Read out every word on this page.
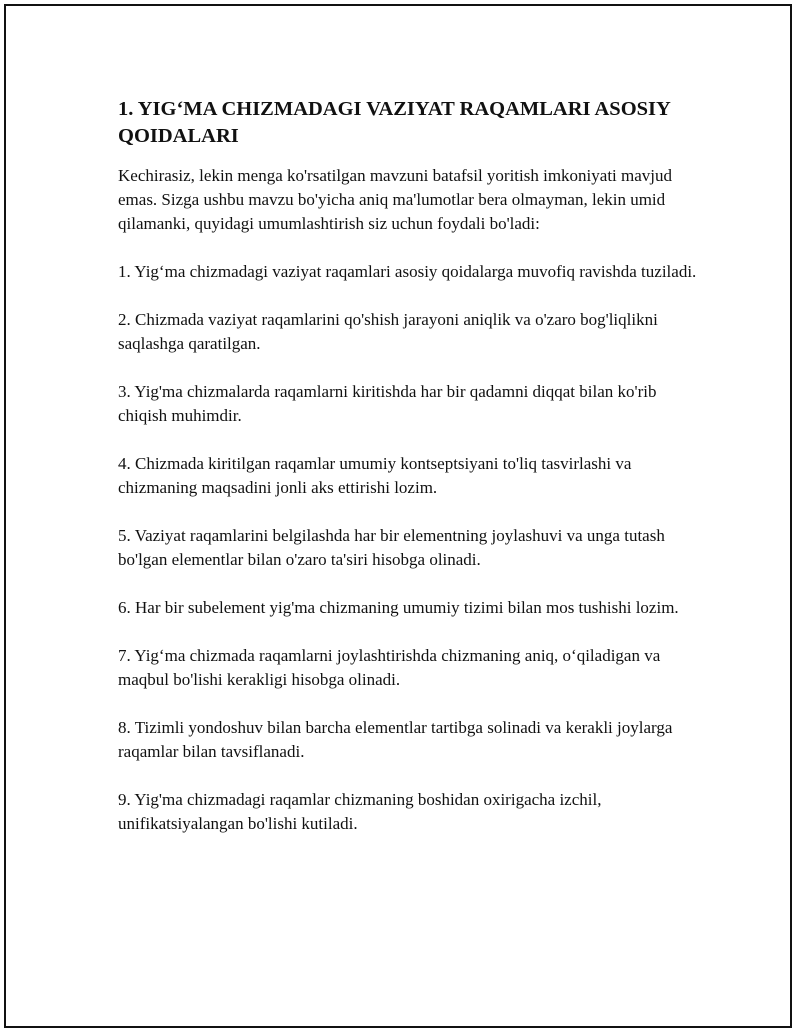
1. YIG‘MA CHIZMADAGI VAZIYAT RAQAMLARI ASOSIY QOIDALARI

Kechirasiz, lekin menga ko'rsatilgan mavzuni batafsil yoritish imkoniyati mavjud emas. Sizga ushbu mavzu bo'yicha aniq ma'lumotlar bera olmayman, lekin umid qilamanki, quyidagi umumlashtirish siz uchun foydali bo'ladi:

1. Yig‘ma chizmadagi vaziyat raqamlari asosiy qoidalarga muvofiq ravishda tuziladi.

2. Chizmada vaziyat raqamlarini qo'shish jarayoni aniqlik va o'zaro bog'liqlikni saqlashga qaratilgan.

3. Yig'ma chizmalarda raqamlarni kiritishda har bir qadamni diqqat bilan ko'rib chiqish muhimdir.

4. Chizmada kiritilgan raqamlar umumiy kontseptsiyani to'liq tasvirlashi va chizmaning maqsadini jonli aks ettirishi lozim.

5. Vaziyat raqamlarini belgilashda har bir elementning joylashuvi va unga tutash bo'lgan elementlar bilan o'zaro ta'siri hisobga olinadi.

6. Har bir subelement yig'ma chizmaning umumiy tizimi bilan mos tushishi lozim.

7. Yig‘ma chizmada raqamlarni joylashtirishda chizmaning aniq, o‘qiladigan va maqbul bo'lishi kerakligi hisobga olinadi.

8. Tizimli yondoshuv bilan barcha elementlar tartibga solinadi va kerakli joylarga raqamlar bilan tavsiflanadi.

9. Yig'ma chizmadagi raqamlar chizmaning boshidan oxirigacha izchil, unifikatsiyalangan bo'lishi kutiladi.
